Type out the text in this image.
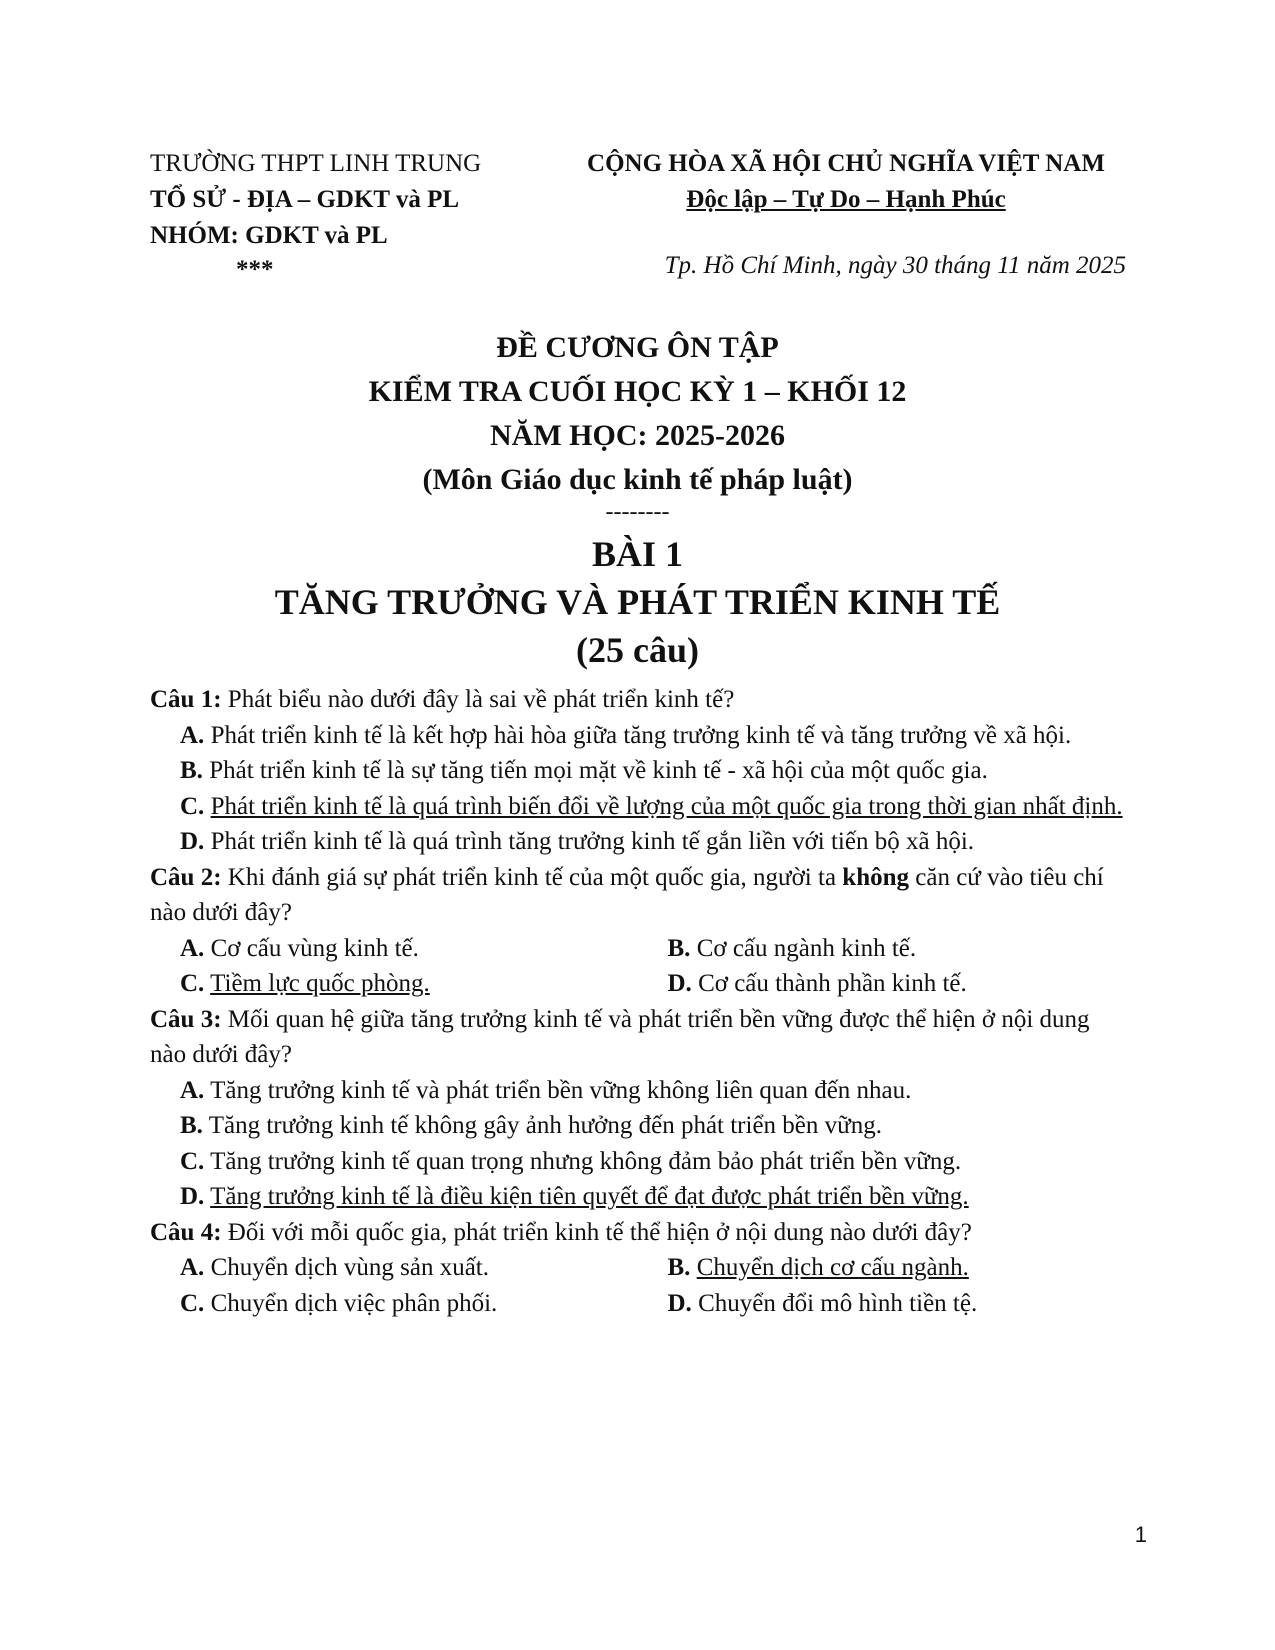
TRƯỜNG THPT LINH TRUNG
TỔ SỬ - ĐỊA – GDKT và PL
NHÓM: GDKT và PL
***
CỘNG HÒA XÃ HỘI CHỦ NGHĨA VIỆT NAM
Độc lập – Tự Do – Hạnh Phúc
Tp. Hồ Chí Minh, ngày 30 tháng 11 năm 2025
ĐỀ CƯƠNG ÔN TẬP
KIỂM TRA CUỐI HỌC KỲ 1 – KHỐI 12
NĂM HỌC: 2025-2026
(Môn Giáo dục kinh tế pháp luật)
--------
BÀI 1
TĂNG TRƯỞNG VÀ PHÁT TRIỂN KINH TẾ
(25 câu)

Câu 1: Phát biểu nào dưới đây là sai về phát triển kinh tế?

A. Phát triển kinh tế là kết hợp hài hòa giữa tăng trưởng kinh tế và tăng trưởng về xã hội.

B. Phát triển kinh tế là sự tăng tiến mọi mặt về kinh tế - xã hội của một quốc gia.

C. Phát triển kinh tế là quá trình biến đổi về lượng của một quốc gia trong thời gian nhất định.

D. Phát triển kinh tế là quá trình tăng trưởng kinh tế gắn liền với tiến bộ xã hội.

Câu 2: Khi đánh giá sự phát triển kinh tế của một quốc gia, người ta không căn cứ vào tiêu chí nào dưới đây?

A. Cơ cấu vùng kinh tế.	B. Cơ cấu ngành kinh tế.
C. Tiềm lực quốc phòng.	D. Cơ cấu thành phần kinh tế.

Câu 3: Mối quan hệ giữa tăng trưởng kinh tế và phát triển bền vững được thể hiện ở nội dung nào dưới đây?

A. Tăng trưởng kinh tế và phát triển bền vững không liên quan đến nhau.

B. Tăng trưởng kinh tế không gây ảnh hưởng đến phát triển bền vững.

C. Tăng trưởng kinh tế quan trọng nhưng không đảm bảo phát triển bền vững.

D. Tăng trưởng kinh tế là điều kiện tiên quyết để đạt được phát triển bền vững.

Câu 4: Đối với mỗi quốc gia, phát triển kinh tế thể hiện ở nội dung nào dưới đây?

A. Chuyển dịch vùng sản xuất.	B. Chuyển dịch cơ cấu ngành.
C. Chuyển dịch việc phân phối.	D. Chuyển đổi mô hình tiền tệ.
1
